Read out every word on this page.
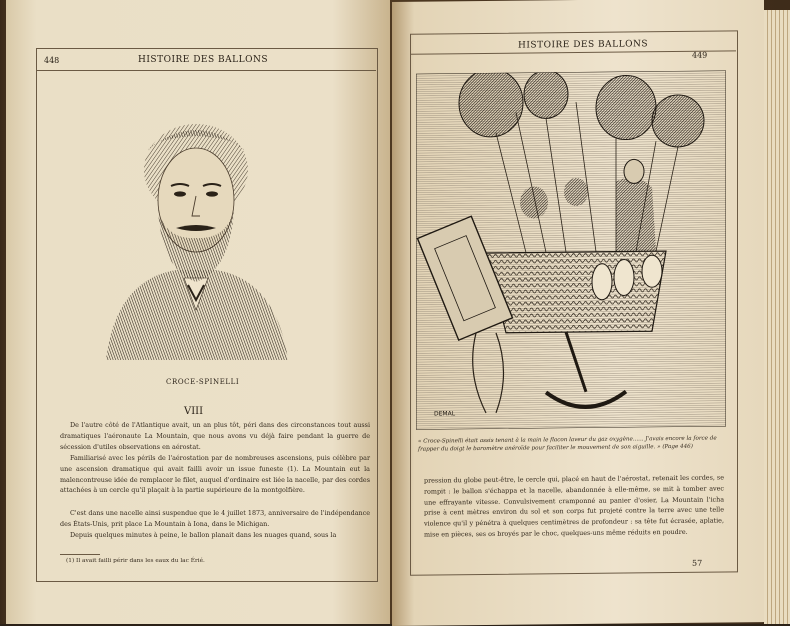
448	HISTOIRE DES BALLONS
CROCE-SPINELLI
VIII
De l'autre côté de l'Atlantique avait, un an plus tôt, péri dans des circonstances tout aussi dramatiques l'aéronaute La Mountain, que nous avons vu déjà faire pendant la guerre de sécession d'utiles observations en aérostat.
Familiarisé avec les périls de l'aérostation par de nombreuses ascensions, puis célèbre par une ascension dramatique qui avait failli avoir un issue funeste (1). La Mountain eut la malencontreuse idée de remplacer le filet, auquel d'ordinaire est liée la nacelle, par des cordes attachées à un cercle qu'il plaçait à la partie supérieure de la montgolfière.
C'est dans une nacelle ainsi suspendue que le 4 juillet 1873, anniversaire de l'indépendance des États-Unis, prit place La Mountain à Iona, dans le Michigan.
Depuis quelques minutes à peine, le ballon planait dans les nuages quand, sous la
(1) Il avait failli périr dans les eaux du lac Érié.
HISTOIRE DES BALLONS
449
DEMAL
« Croce-Spinelli était assis tenant à la main le flacon laveur du gaz oxygène...... J'avais encore la force de frapper du doigt le baromètre anéroïde pour faciliter le mouvement de son aiguille. » (Page 446)
pression du globe peut-être, le cercle qui, placé en haut de l'aérostat, retenait les cordes, se rompit : le ballon s'échappa et la nacelle, abandonnée à elle-même, se mit à tomber avec une effrayante vitesse. Convulsivement cramponné au panier d'osier, La Mountain l'icha prise à cent mètres environ du sol et son corps fut projeté contre la terre avec une telle violence qu'il y pénétra à quelques centimètres de profondeur : sa tête fut écrasée, aplatie, mise en pièces, ses os broyés par le choc, quelques-uns même réduits en poudre.
57
